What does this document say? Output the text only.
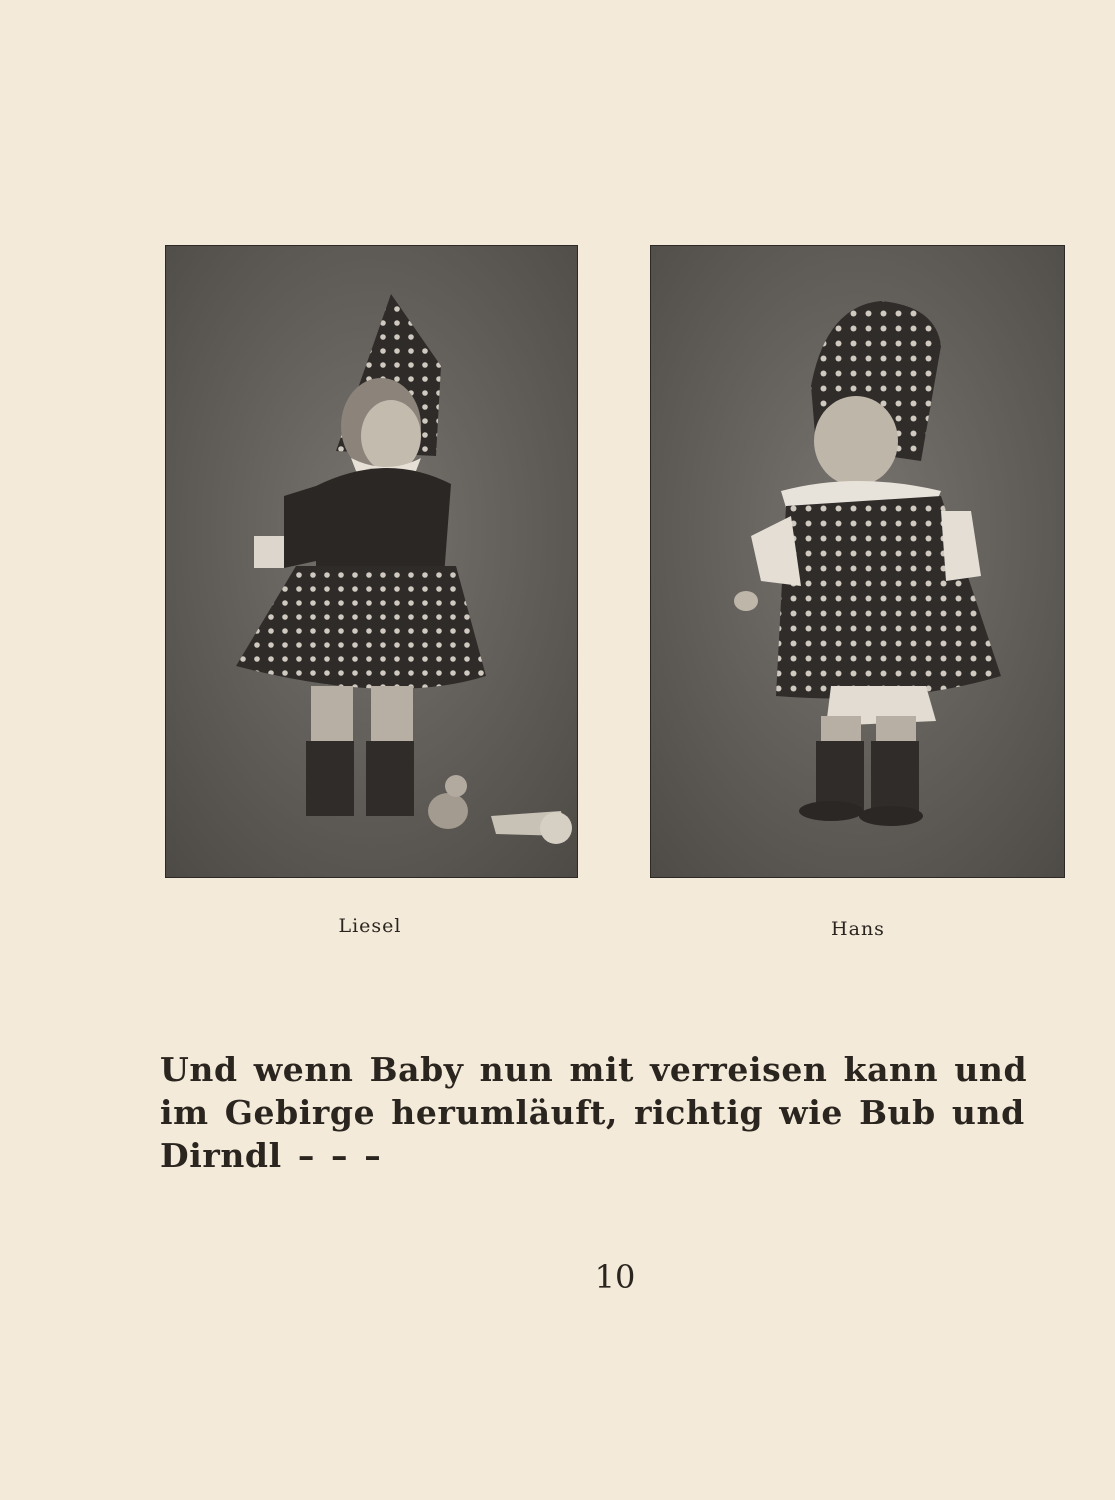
Liesel	Hans

Und wenn Baby nun mit verreisen kann und im Gebirge herumläuft, richtig wie Bub und Dirndl – – –

10
